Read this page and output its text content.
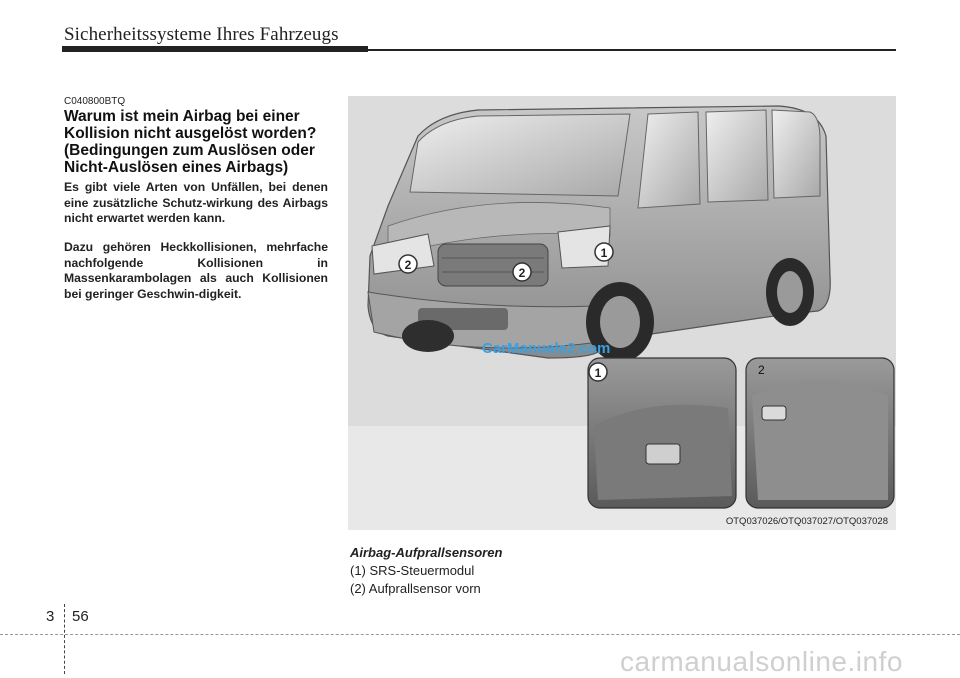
Sicherheitssysteme Ihres Fahrzeugs
C040800BTQ
Warum ist mein Airbag bei einer Kollision nicht ausgelöst worden? (Bedingungen zum Auslösen oder Nicht-Auslösen eines Airbags)
Es gibt viele Arten von Unfällen, bei denen eine zusätzliche Schutz-wirkung des Airbags nicht erwartet werden kann.
Dazu gehören Heckkollisionen, mehrfache nachfolgende Kollisionen in Massenkarambolagen als auch Kollisionen bei geringer Geschwin-digkeit.
2
2
1
1	2
OTQ037026/OTQ037027/OTQ037028
CarManuals2.com
Airbag-Aufprallsensoren
(1) SRS-Steuermodul
(2) Aufprallsensor vorn
3 56
carmanualsonline.info
